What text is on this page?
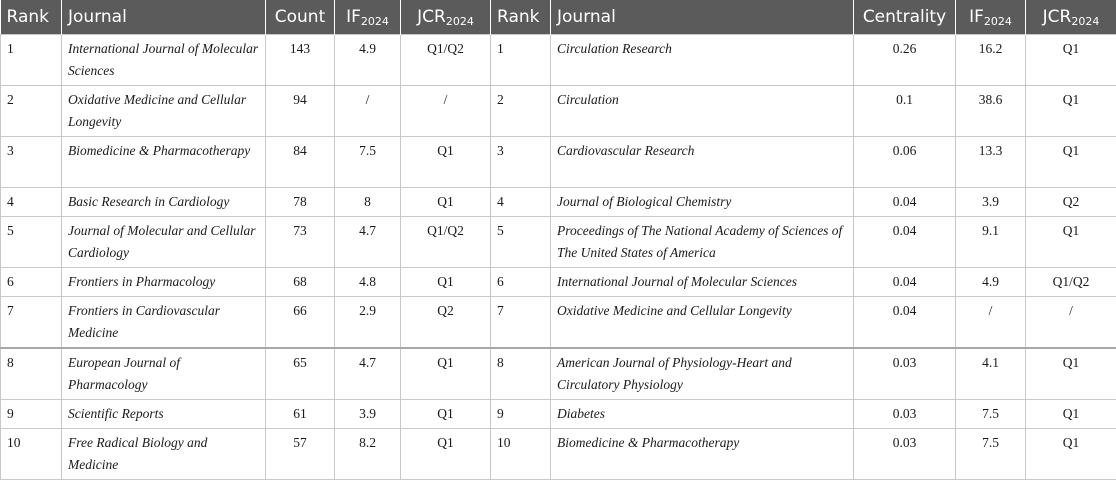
Rank	Journal	Count	$IF_{2024}$	$JCR_{2024}$	Rank	Journal	Centrality	$IF_{2024}$	$JCR_{2024}$
1	International Journal of Molecular Sciences	143	4.9	Q1/Q2	1	Circulation Research	0.26	16.2	Q1
2	Oxidative Medicine and Cellular Longevity	94	/	/	2	Circulation	0.1	38.6	Q1
3	Biomedicine & Pharmacotherapy	84	7.5	Q1	3	Cardiovascular Research	0.06	13.3	Q1
4	Basic Research in Cardiology	78	8	Q1	4	Journal of Biological Chemistry	0.04	3.9	Q2
5	Journal of Molecular and Cellular Cardiology	73	4.7	Q1/Q2	5	Proceedings of The National Academy of Sciences of The United States of America	0.04	9.1	Q1
6	Frontiers in Pharmacology	68	4.8	Q1	6	International Journal of Molecular Sciences	0.04	4.9	Q1/Q2
7	Frontiers in Cardiovascular Medicine	66	2.9	Q2	7	Oxidative Medicine and Cellular Longevity	0.04	/	/
8	European Journal of Pharmacology	65	4.7	Q1	8	American Journal of Physiology-Heart and Circulatory Physiology	0.03	4.1	Q1
9	Scientific Reports	61	3.9	Q1	9	Diabetes	0.03	7.5	Q1
10	Free Radical Biology and Medicine	57	8.2	Q1	10	Biomedicine & Pharmacotherapy	0.03	7.5	Q1
